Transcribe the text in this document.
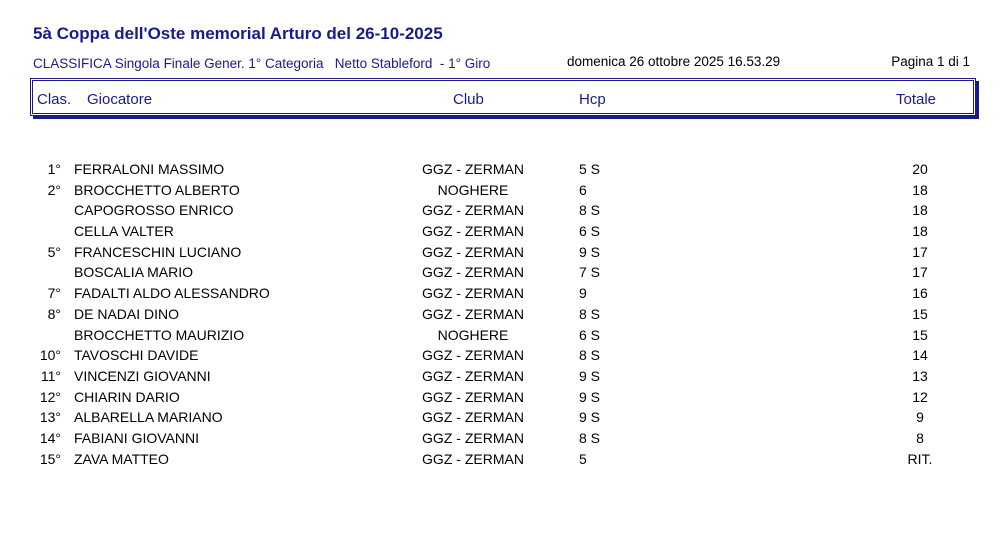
5à Coppa dell'Oste memorial Arturo del 26-10-2025
CLASSIFICA Singola Finale Gener. 1° Categoria   Netto Stableford  - 1° Giro	domenica 26 ottobre 2025 16.53.29	Pagina 1 di 1
Clas. Giocatore	Club	Hcp	Totale
1° FERRALONI MASSIMO	GGZ - ZERMAN	5 S	20
2° BROCCHETTO ALBERTO	NOGHERE	6	18
CAPOGROSSO ENRICO	GGZ - ZERMAN	8 S	18
CELLA VALTER	GGZ - ZERMAN	6 S	18
5° FRANCESCHIN LUCIANO	GGZ - ZERMAN	9 S	17
BOSCALIA MARIO	GGZ - ZERMAN	7 S	17
7° FADALTI ALDO ALESSANDRO	GGZ - ZERMAN	9	16
8° DE NADAI DINO	GGZ - ZERMAN	8 S	15
BROCCHETTO MAURIZIO	NOGHERE	6 S	15
10° TAVOSCHI DAVIDE	GGZ - ZERMAN	8 S	14
11° VINCENZI GIOVANNI	GGZ - ZERMAN	9 S	13
12° CHIARIN DARIO	GGZ - ZERMAN	9 S	12
13° ALBARELLA MARIANO	GGZ - ZERMAN	9 S	9
14° FABIANI GIOVANNI	GGZ - ZERMAN	8 S	8
15° ZAVA MATTEO	GGZ - ZERMAN	5	RIT.
